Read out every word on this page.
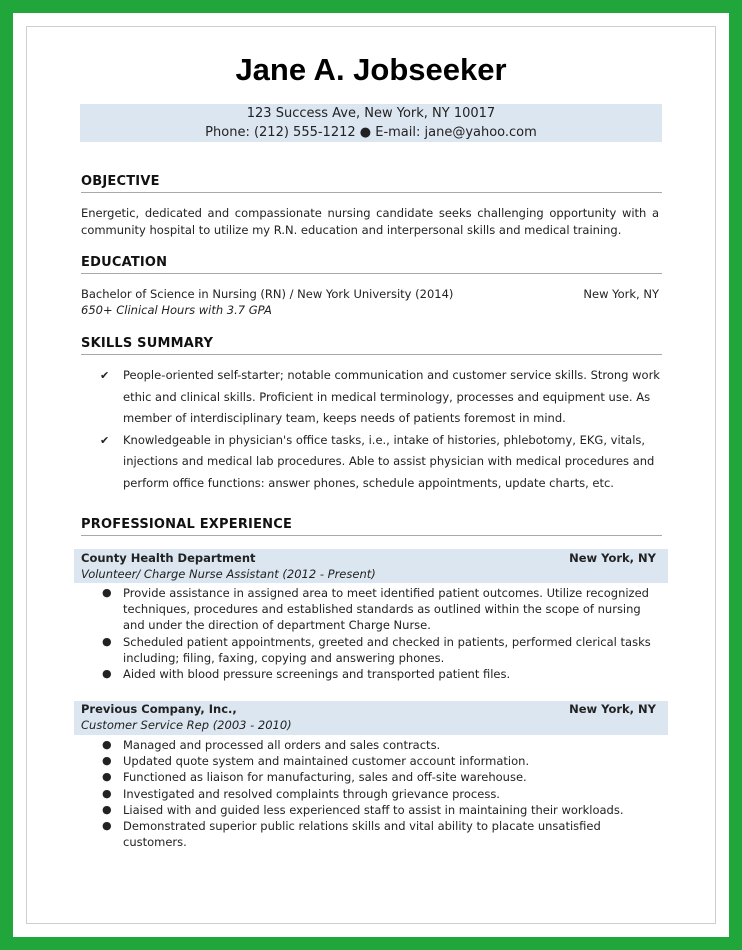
Jane A. Jobseeker
123 Success Ave, New York, NY 10017
Phone: (212) 555-1212 ● E-mail: jane@yahoo.com
OBJECTIVE
Energetic, dedicated and compassionate nursing candidate seeks challenging opportunity with a community hospital to utilize my R.N. education and interpersonal skills and medical training.
EDUCATION
Bachelor of Science in Nursing (RN) / New York University (2014)	New York, NY
650+ Clinical Hours with 3.7 GPA
SKILLS SUMMARY
✔ People-oriented self-starter; notable communication and customer service skills. Strong work ethic and clinical skills. Proficient in medical terminology, processes and equipment use. As member of interdisciplinary team, keeps needs of patients foremost in mind.
✔ Knowledgeable in physician's office tasks, i.e., intake of histories, phlebotomy, EKG, vitals, injections and medical lab procedures. Able to assist physician with medical procedures and perform office functions: answer phones, schedule appointments, update charts, etc.
PROFESSIONAL EXPERIENCE
County Health Department	New York, NY
Volunteer/ Charge Nurse Assistant (2012 - Present)
● Provide assistance in assigned area to meet identified patient outcomes. Utilize recognized techniques, procedures and established standards as outlined within the scope of nursing and under the direction of department Charge Nurse.
● Scheduled patient appointments, greeted and checked in patients, performed clerical tasks including; filing, faxing, copying and answering phones.
● Aided with blood pressure screenings and transported patient files.
Previous Company, Inc.,	New York, NY
Customer Service Rep (2003 - 2010)
● Managed and processed all orders and sales contracts.
● Updated quote system and maintained customer account information.
● Functioned as liaison for manufacturing, sales and off-site warehouse.
● Investigated and resolved complaints through grievance process.
● Liaised with and guided less experienced staff to assist in maintaining their workloads.
● Demonstrated superior public relations skills and vital ability to placate unsatisfied customers.
